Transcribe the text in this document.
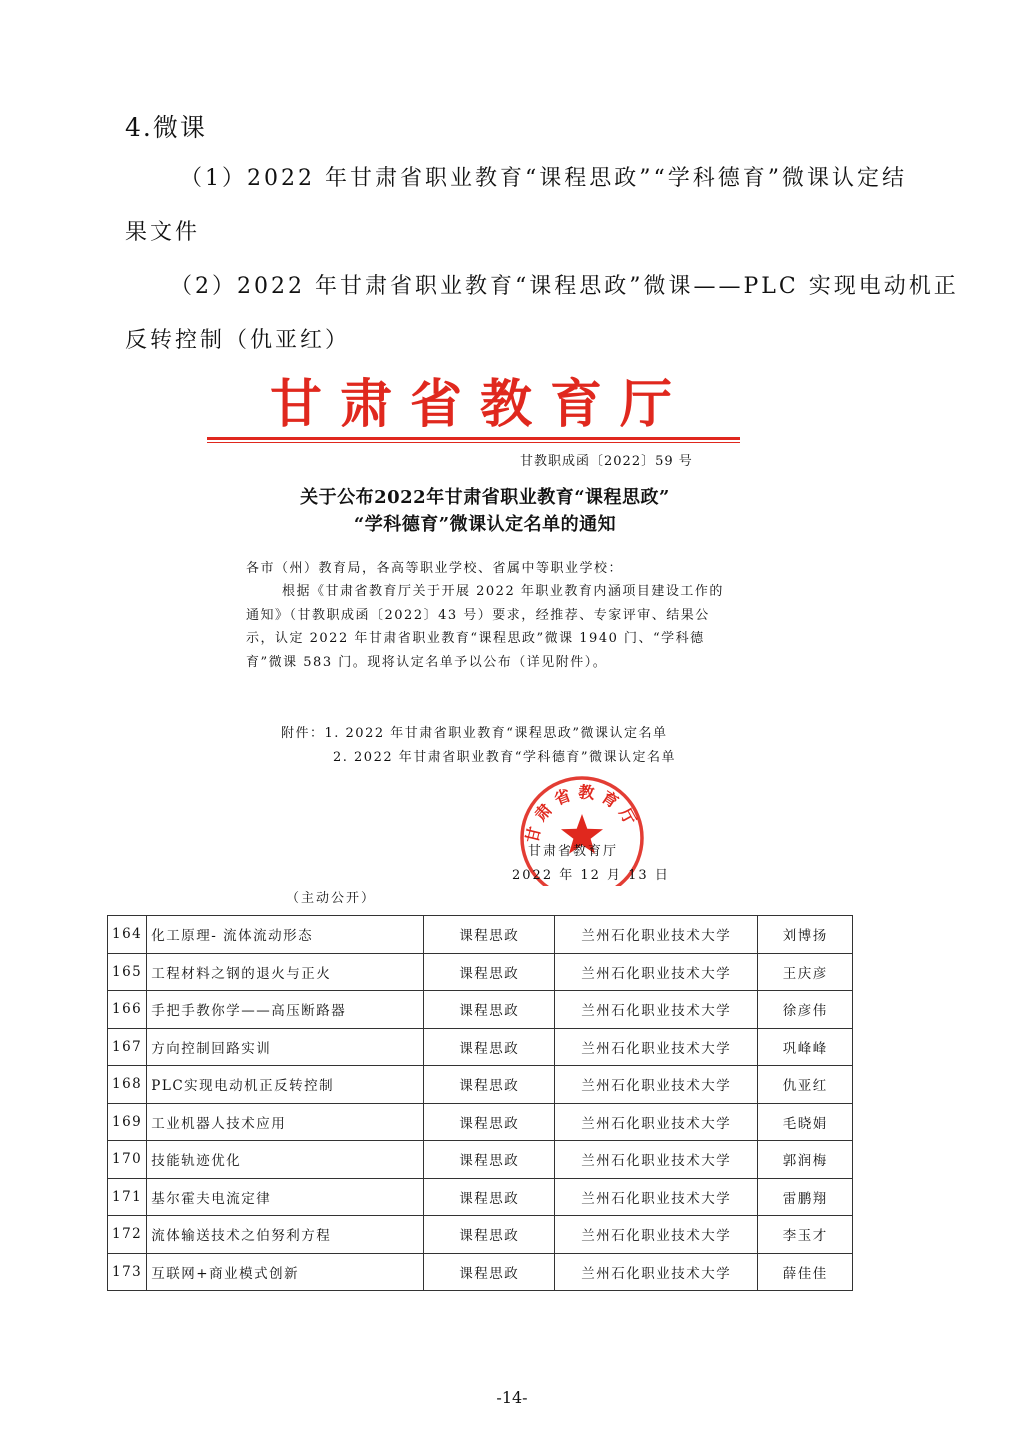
4.微课
（1）2022 年甘肃省职业教育“课程思政”“学科德育”微课认定结
果文件
（2）2022 年甘肃省职业教育“课程思政”微课——PLC 实现电动机正
反转控制（仇亚红）
甘肃省教育厅
甘教职成函〔2022〕59 号
关于公布2022年甘肃省职业教育“课程思政”
“学科德育”微课认定名单的通知
各市（州）教育局，各高等职业学校、省属中等职业学校：
根据《甘肃省教育厅关于开展 2022 年职业教育内涵项目建设工作的通知》（甘教职成函〔2022〕43 号）要求，经推荐、专家评审、结果公示，认定 2022 年甘肃省职业教育“课程思政”微课 1940 门、“学科德育”微课 583 门。现将认定名单予以公布（详见附件）。
附件：1. 2022 年甘肃省职业教育“课程思政”微课认定名单
2. 2022 年甘肃省职业教育“学科德育”微课认定名单
甘肃省教育厅
甘肃省教育厅
2022 年 12 月 13 日
（主动公开）
164	化工原理- 流体流动形态	课程思政	兰州石化职业技术大学	刘博扬
165	工程材料之钢的退火与正火	课程思政	兰州石化职业技术大学	王庆彦
166	手把手教你学——高压断路器	课程思政	兰州石化职业技术大学	徐彦伟
167	方向控制回路实训	课程思政	兰州石化职业技术大学	巩峰峰
168	PLC实现电动机正反转控制	课程思政	兰州石化职业技术大学	仇亚红
169	工业机器人技术应用	课程思政	兰州石化职业技术大学	毛晓娟
170	技能轨迹优化	课程思政	兰州石化职业技术大学	郭润梅
171	基尔霍夫电流定律	课程思政	兰州石化职业技术大学	雷鹏翔
172	流体输送技术之伯努利方程	课程思政	兰州石化职业技术大学	李玉才
173	互联网+商业模式创新	课程思政	兰州石化职业技术大学	薛佳佳
-14-
